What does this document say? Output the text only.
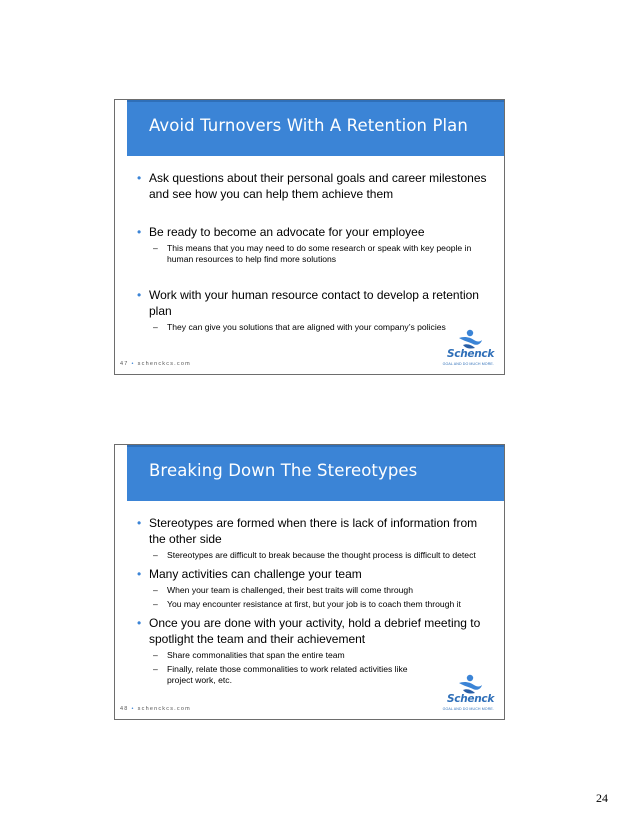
Avoid Turnovers With A Retention Plan
• Ask questions about their personal goals and career milestones and see how you can help them achieve them
• Be ready to become an advocate for your employee
– This means that you may need to do some research or speak with key people in human resources to help find more solutions
• Work with your human resource contact to develop a retention plan
– They can give you solutions that are aligned with your company’s policies
47 • schenckcs.com
Schenck
GOAL AND DO MUCH MORE.
Breaking Down The Stereotypes
• Stereotypes are formed when there is lack of information from the other side
– Stereotypes are difficult to break because the thought process is difficult to detect
• Many activities can challenge your team
– When your team is challenged, their best traits will come through
– You may encounter resistance at first, but your job is to coach them through it
• Once you are done with your activity, hold a debrief meeting to spotlight the team and their achievement
– Share commonalities that span the entire team
– Finally, relate those commonalities to work related activities like project work, etc.
48 • schenckcs.com
Schenck
GOAL AND DO MUCH MORE.
24
